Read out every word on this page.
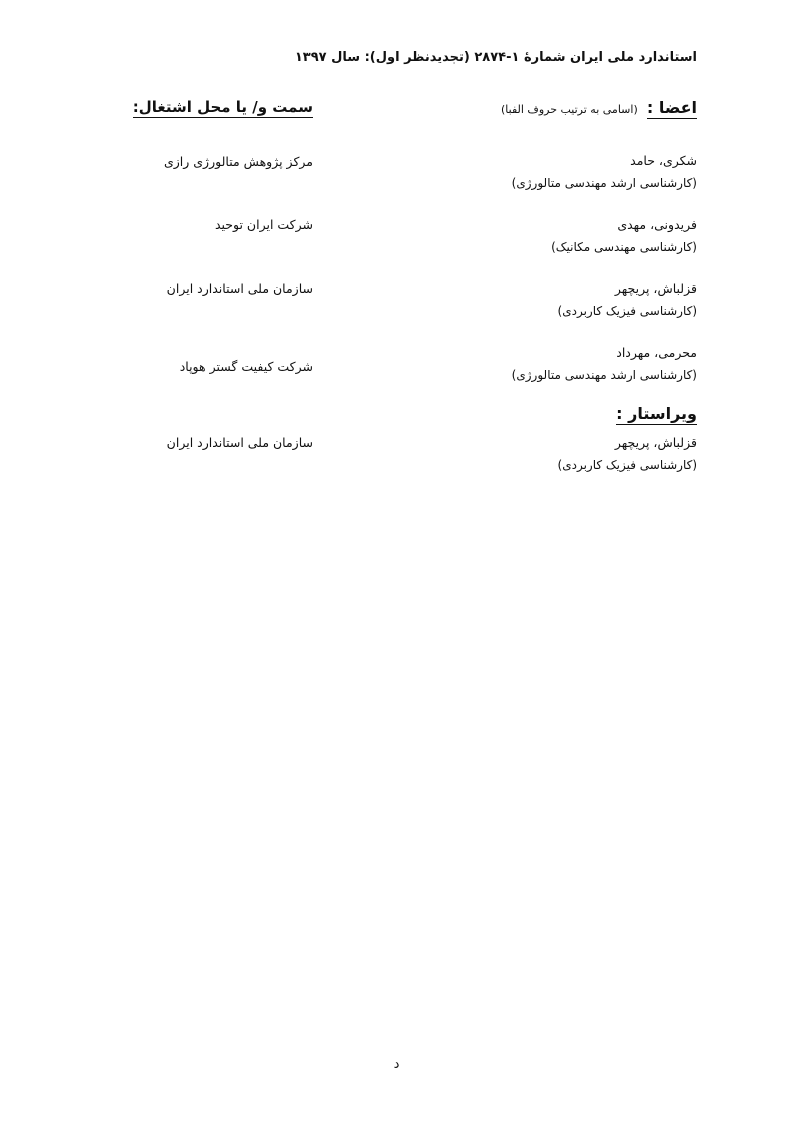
استاندارد ملی ایران شمارۀ ۱-۲۸۷۴ (تجدیدنظر اول): سال ۱۳۹۷
اعضا : (اسامی به ترتیب حروف الفبا)
سمت و/ یا محل اشتغال:
شکری، حامد
(کارشناسی ارشد مهندسی متالورژی)
مرکز پژوهش متالورژی رازی
فریدونی، مهدی
(کارشناسی مهندسی مکانیک)
شرکت ایران توحید
قزلباش، پریچهر
(کارشناسی فیزیک کاربردی)
سازمان ملی استاندارد ایران
محرمی، مهرداد
(کارشناسی ارشد مهندسی متالورژی)
شرکت کیفیت گستر هوپاد
ویراستار :
قزلباش، پریچهر
(کارشناسی فیزیک کاربردی)
سازمان ملی استاندارد ایران
د
